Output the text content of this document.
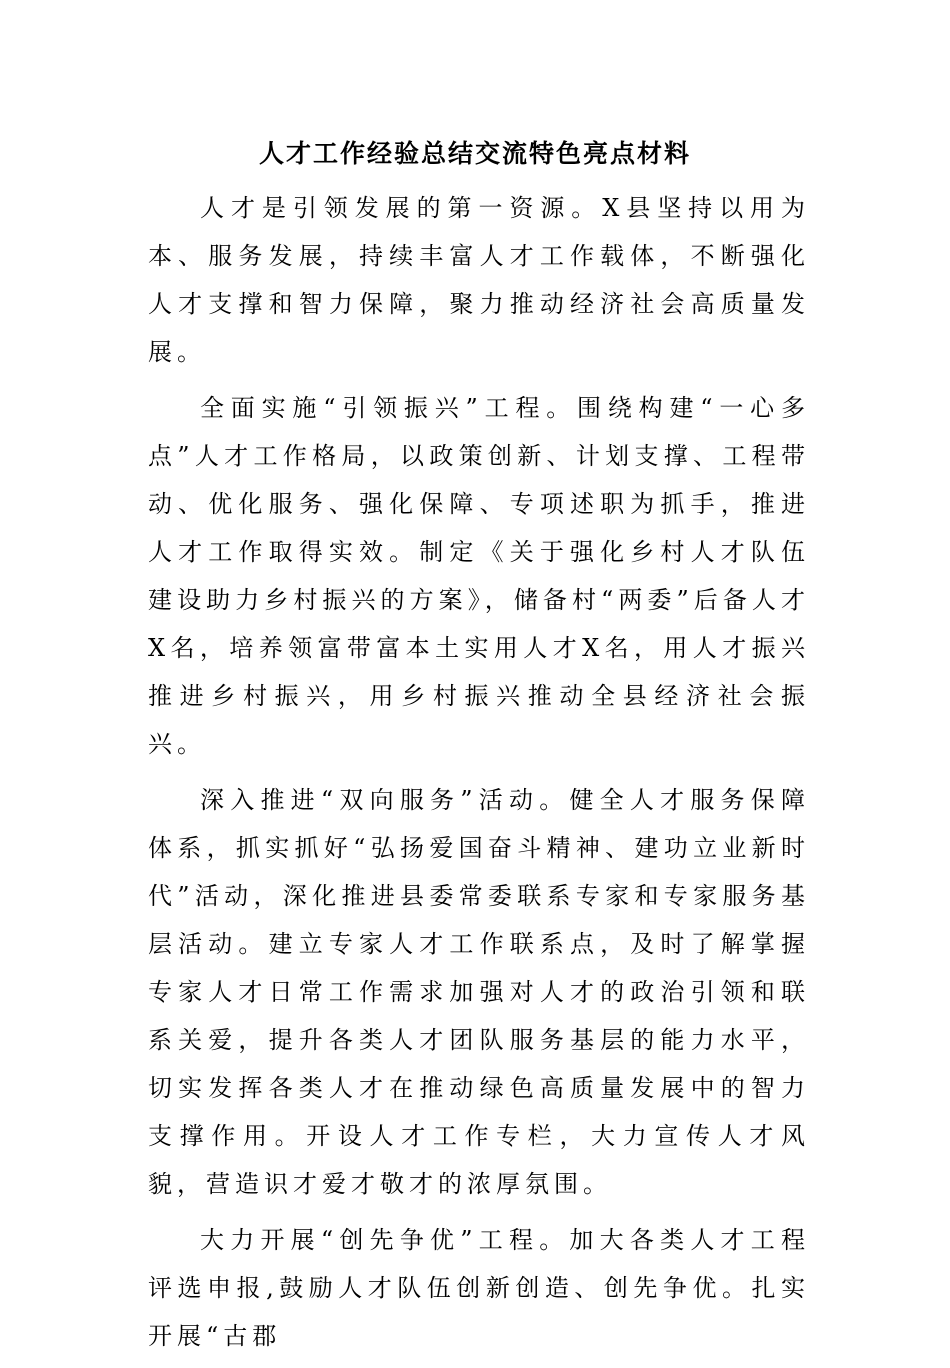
人才工作经验总结交流特色亮点材料

人才是引领发展的第一资源。X县坚持以用为本、服务发展，持续丰富人才工作载体，不断强化人才支撑和智力保障，聚力推动经济社会高质量发展。

全面实施“引领振兴”工程。围绕构建“一心多点”人才工作格局，以政策创新、计划支撑、工程带动、优化服务、强化保障、专项述职为抓手，推进人才工作取得实效。制定《关于强化乡村人才队伍建设助力乡村振兴的方案》，储备村“两委”后备人才X名，培养领富带富本土实用人才X名，用人才振兴推进乡村振兴，用乡村振兴推动全县经济社会振兴。

深入推进“双向服务”活动。健全人才服务保障体系，抓实抓好“弘扬爱国奋斗精神、建功立业新时代”活动，深化推进县委常委联系专家和专家服务基层活动。建立专家人才工作联系点，及时了解掌握专家人才日常工作需求加强对人才的政治引领和联系关爱，提升各类人才团队服务基层的能力水平，切实发挥各类人才在推动绿色高质量发展中的智力支撑作用。开设人才工作专栏，大力宣传人才风貌，营造识才爱才敬才的浓厚氛围。

大力开展“创先争优”工程。加大各类人才工程评选申报,鼓励人才队伍创新创造、创先争优。扎实开展“古郡
